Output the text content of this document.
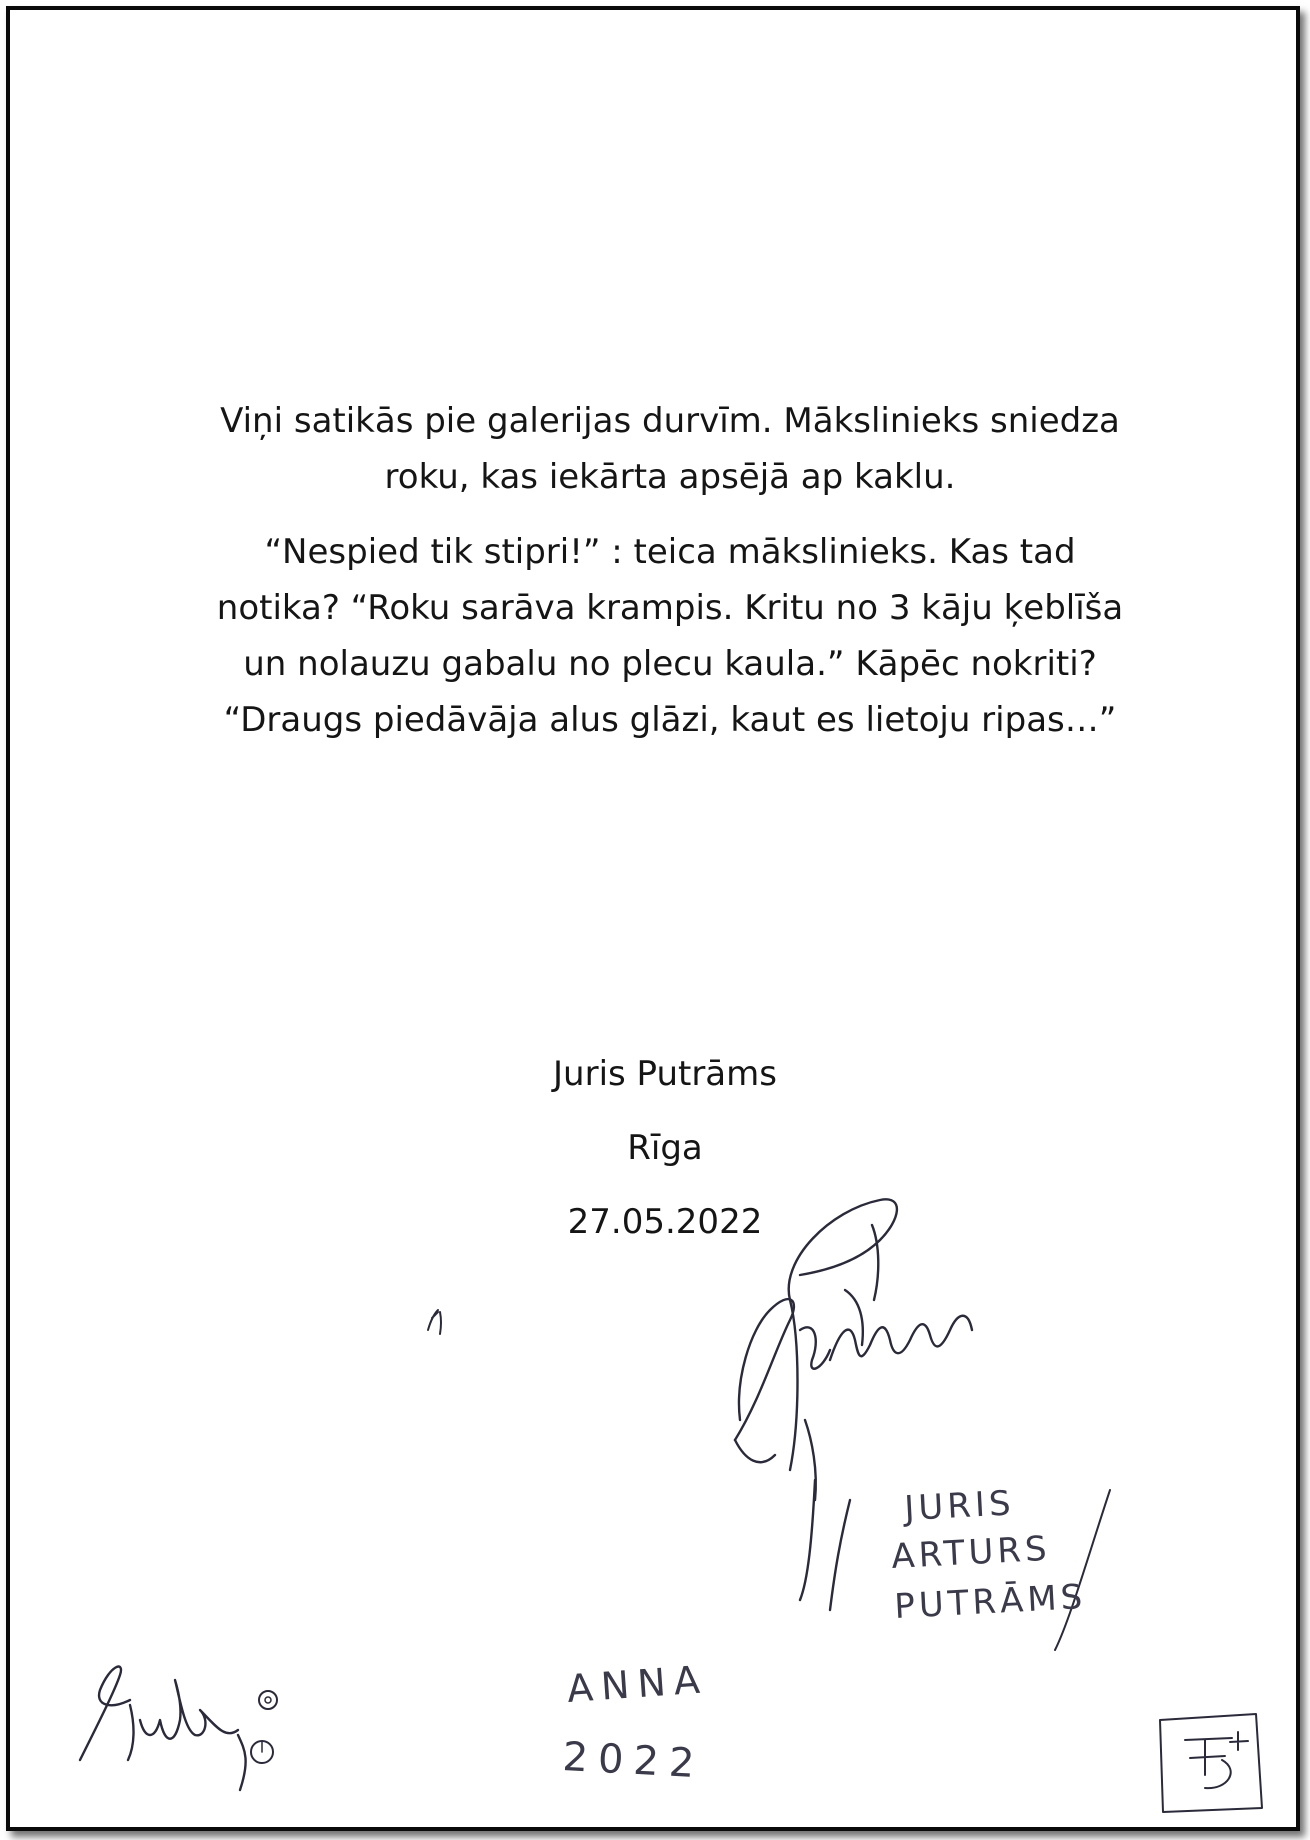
Viņi satikās pie galerijas durvīm. Mākslinieks sniedza roku, kas iekārta apsējā ap kaklu.

“Nespied tik stipri!” : teica mākslinieks. Kas tad notika? “Roku sarāva krampis. Kritu no 3 kāju ķeblīša un nolauzu gabalu no plecu kaula.” Kāpēc nokriti? “Draugs piedāvāja alus glāzi, kaut es lietoju ripas…”

Juris Putrāms

Rīga

27.05.2022

JURIS
ARTURS
PUTRĀMS
ANNA
2022
